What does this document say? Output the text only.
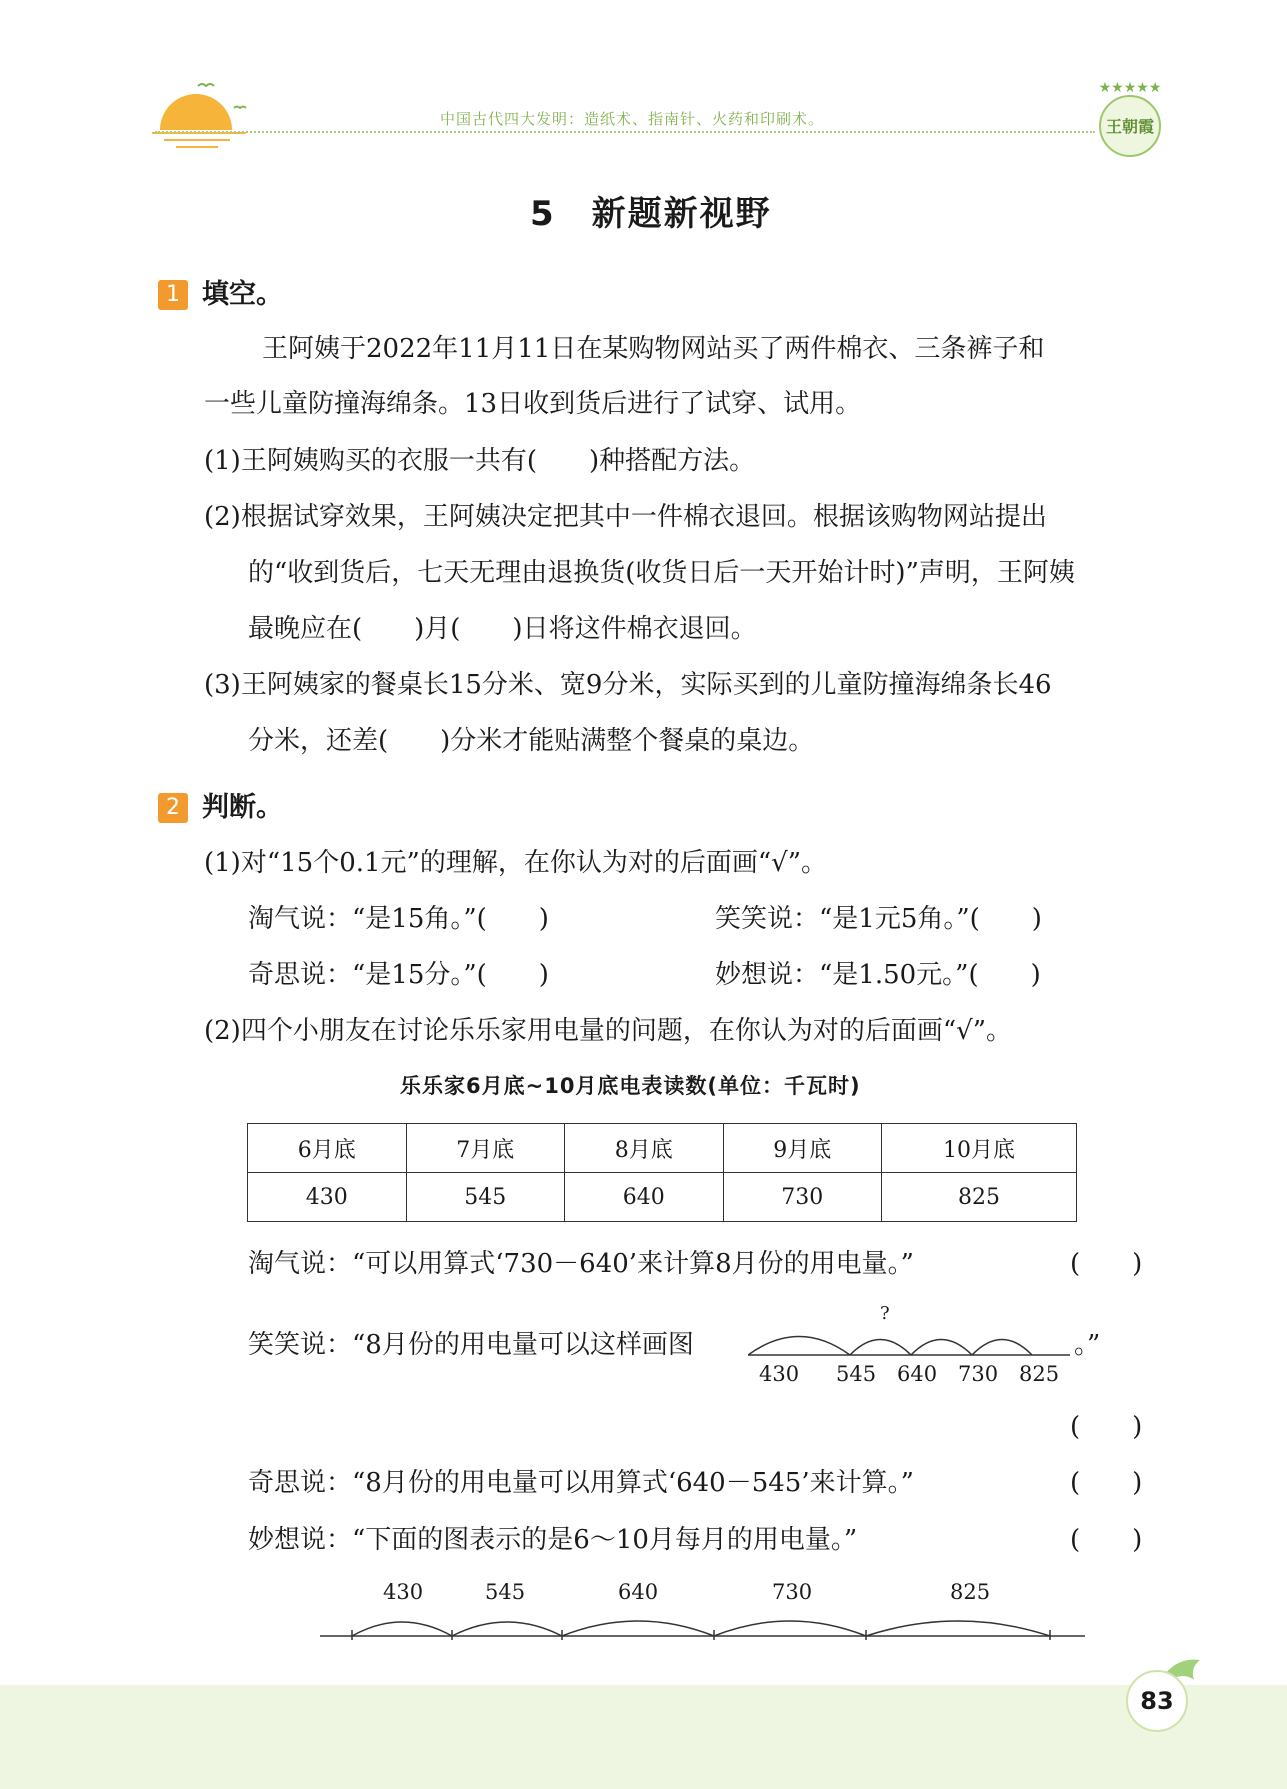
中国古代四大发明：造纸术、指南针、火药和印刷术。
★★★★★
王朝霞
5　新题新视野
1 填空。
王阿姨于2022年11月11日在某购物网站买了两件棉衣、三条裤子和
一些儿童防撞海绵条。13日收到货后进行了试穿、试用。
(1)王阿姨购买的衣服一共有(　　)种搭配方法。
(2)根据试穿效果，王阿姨决定把其中一件棉衣退回。根据该购物网站提出
的“收到货后，七天无理由退换货(收货日后一天开始计时)”声明，王阿姨
最晚应在(　　)月(　　)日将这件棉衣退回。
(3)王阿姨家的餐桌长15分米、宽9分米，实际买到的儿童防撞海绵条长46
分米，还差(　　)分米才能贴满整个餐桌的桌边。
2 判断。
(1)对“15个0.1元”的理解，在你认为对的后面画“√”。
淘气说：“是15角。”(　　)	笑笑说：“是1元5角。”(　　)
奇思说：“是15分。”(　　)	妙想说：“是1.50元。”(　　)
(2)四个小朋友在讨论乐乐家用电量的问题，在你认为对的后面画“√”。
乐乐家6月底~10月底电表读数(单位：千瓦时)
6月底	7月底	8月底	9月底	10月底
430	545	640	730	825
淘气说：“可以用算式‘730－640’来计算8月份的用电量。”	(　　)
笑笑说：“8月份的用电量可以这样画图
?
。”
430 545 640 730 825
(　　)
奇思说：“8月份的用电量可以用算式‘640－545’来计算。”	(　　)
妙想说：“下面的图表示的是6～10月每月的用电量。”	(　　)
430	545	640	730	825
83
